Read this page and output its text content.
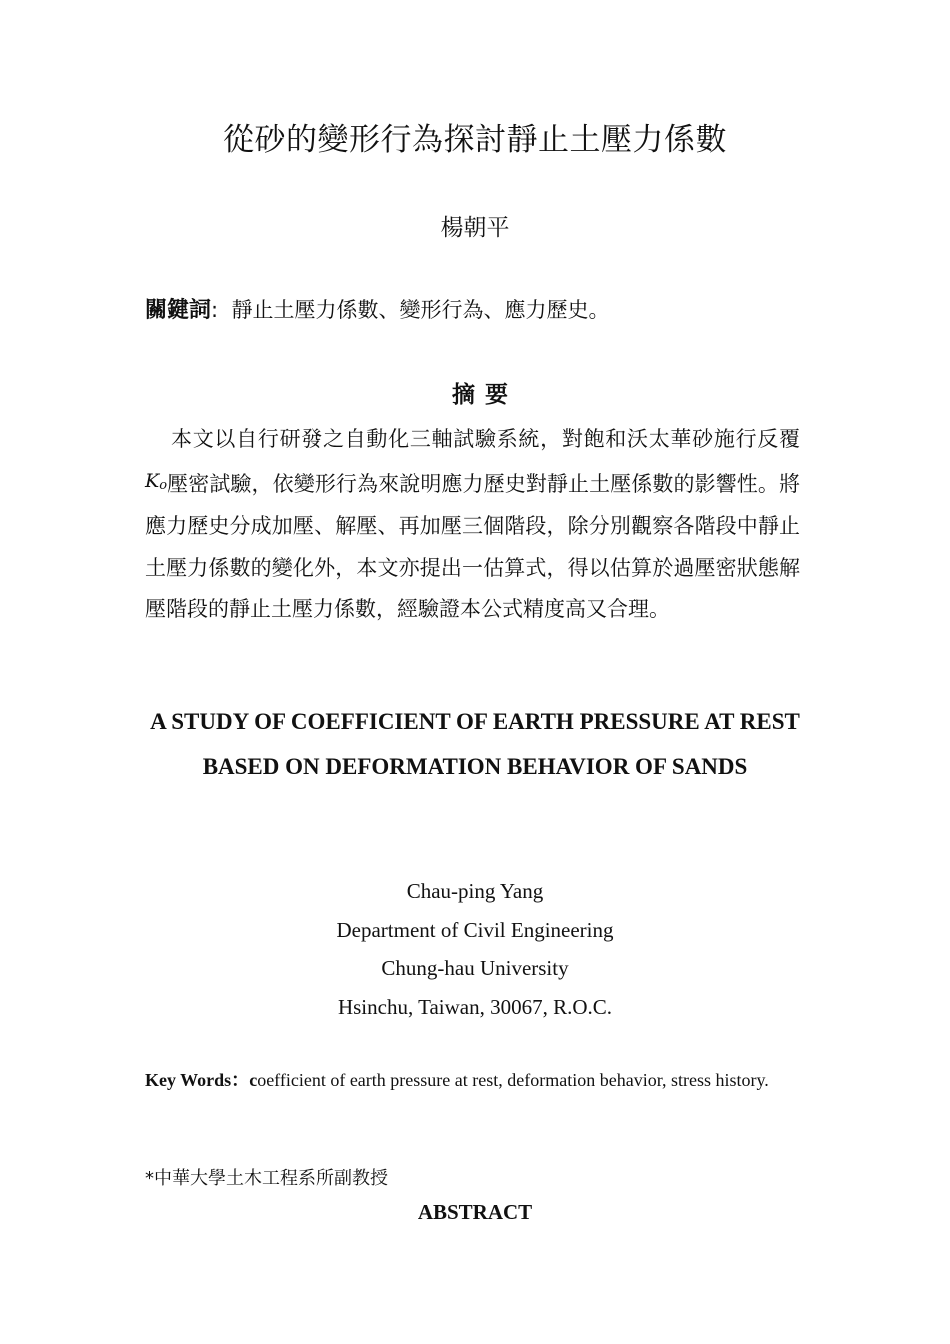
從砂的變形行為探討靜止土壓力係數
楊朝平
關鍵詞:  靜止土壓力係數、變形行為、應力歷史。
摘要
本文以自行研發之自動化三軸試驗系統，對飽和沃太華砂施行反覆$K_o$壓密試驗，依變形行為來說明應力歷史對靜止土壓係數的影響性。將應力歷史分成加壓、解壓、再加壓三個階段，除分別觀察各階段中靜止土壓力係數的變化外，本文亦提出一估算式，得以估算於過壓密狀態解壓階段的靜止土壓力係數，經驗證本公式精度高又合理。
A STUDY OF COEFFICIENT OF EARTH PRESSURE AT REST BASED ON DEFORMATION BEHAVIOR OF SANDS
Chau-ping Yang
Department of Civil Engineering
Chung-hau University
Hsinchu, Taiwan, 30067, R.O.C.
Key Words：coefficient of earth pressure at rest, deformation behavior, stress history.
*中華大學土木工程系所副教授
ABSTRACT
